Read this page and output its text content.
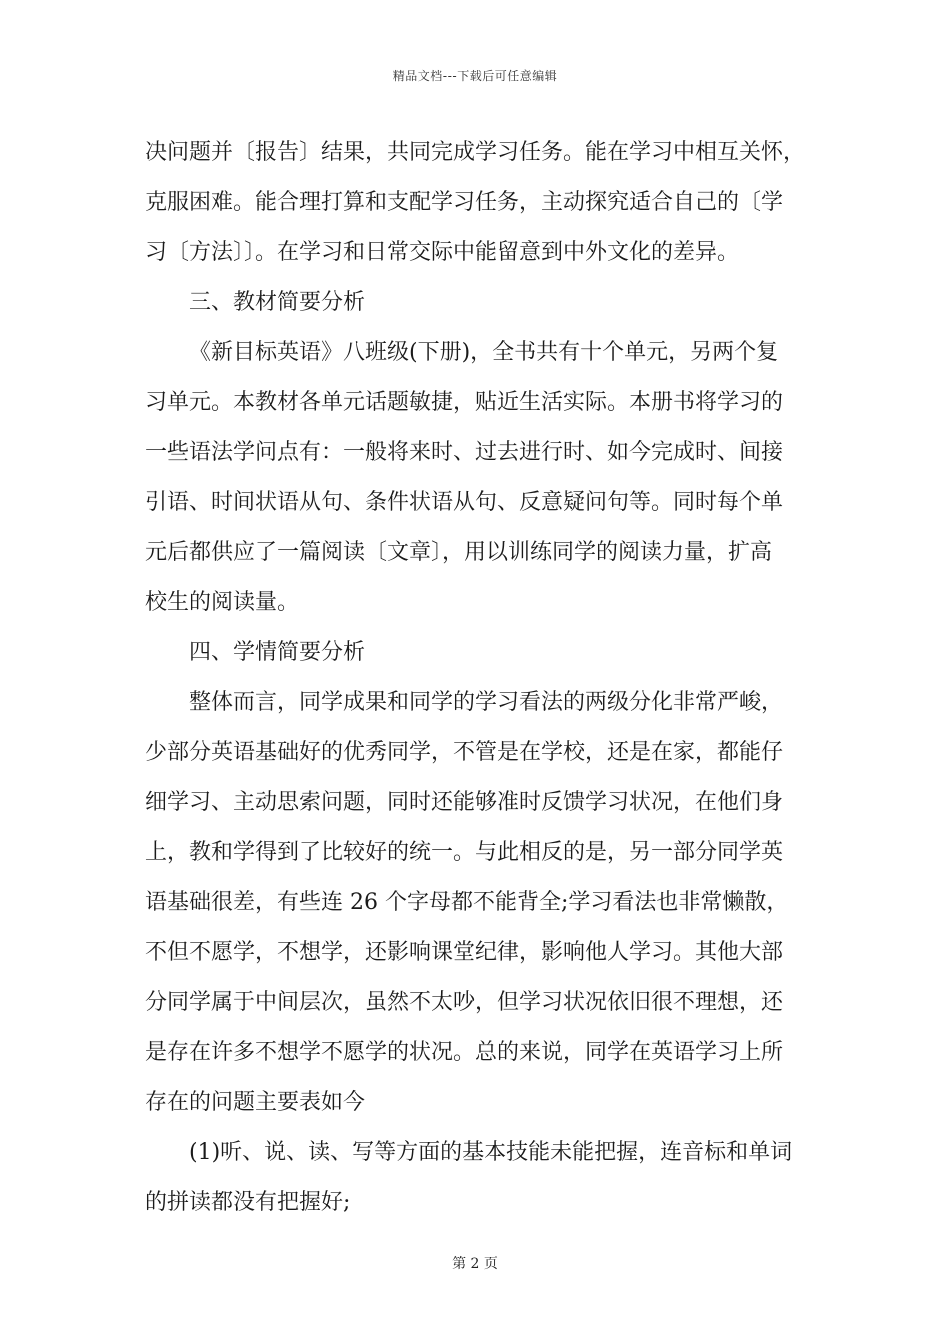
精品文档---下载后可任意编辑

决问题并〔报告〕结果，共同完成学习任务。能在学习中相互关怀，
克服困难。能合理打算和支配学习任务，主动探究适合自己的〔学
习〔方法〕〕。在学习和日常交际中能留意到中外文化的差异。

三、教材简要分析

《新目标英语》八班级(下册)，全书共有十个单元，另两个复
习单元。本教材各单元话题敏捷，贴近生活实际。本册书将学习的
一些语法学问点有：一般将来时、过去进行时、如今完成时、间接
引语、时间状语从句、条件状语从句、反意疑问句等。同时每个单
元后都供应了一篇阅读〔文章〕，用以训练同学的阅读力量，扩高
校生的阅读量。

四、学情简要分析

整体而言，同学成果和同学的学习看法的两级分化非常严峻，
少部分英语基础好的优秀同学，不管是在学校，还是在家，都能仔
细学习、主动思索问题，同时还能够准时反馈学习状况，在他们身
上，教和学得到了比较好的统一。与此相反的是，另一部分同学英
语基础很差，有些连 26 个字母都不能背全;学习看法也非常懒散，
不但不愿学，不想学，还影响课堂纪律，影响他人学习。其他大部
分同学属于中间层次，虽然不太吵，但学习状况依旧很不理想，还
是存在许多不想学不愿学的状况。总的来说，同学在英语学习上所
存在的问题主要表如今

(1)听、说、读、写等方面的基本技能未能把握，连音标和单词
的拼读都没有把握好;

第 2 页
